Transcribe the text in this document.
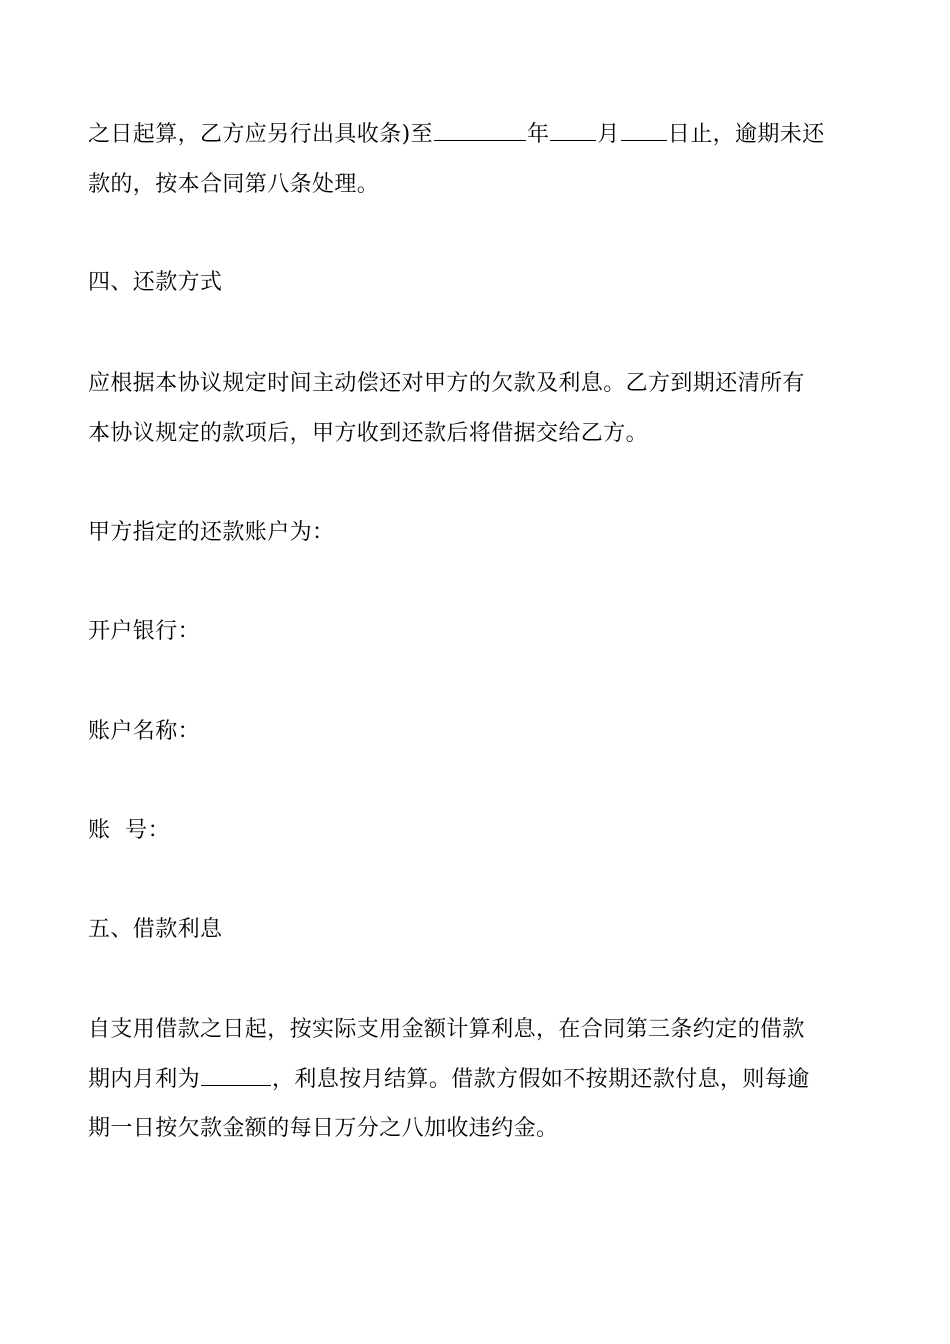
之日起算，乙方应另行出具收条)至	年 月 日止，逾期未还
款的，按本合同第八条处理。
四、还款方式
应根据本协议规定时间主动偿还对甲方的欠款及利息。乙方到期还清所有
本协议规定的款项后，甲方收到还款后将借据交给乙方。
甲方指定的还款账户为：
开户银行：
账户名称：
账  号：
五、借款利息
自支用借款之日起，按实际支用金额计算利息，在合同第三条约定的借款
期内月利为	，利息按月结算。借款方假如不按期还款付息，则每逾
期一日按欠款金额的每日万分之八加收违约金。
